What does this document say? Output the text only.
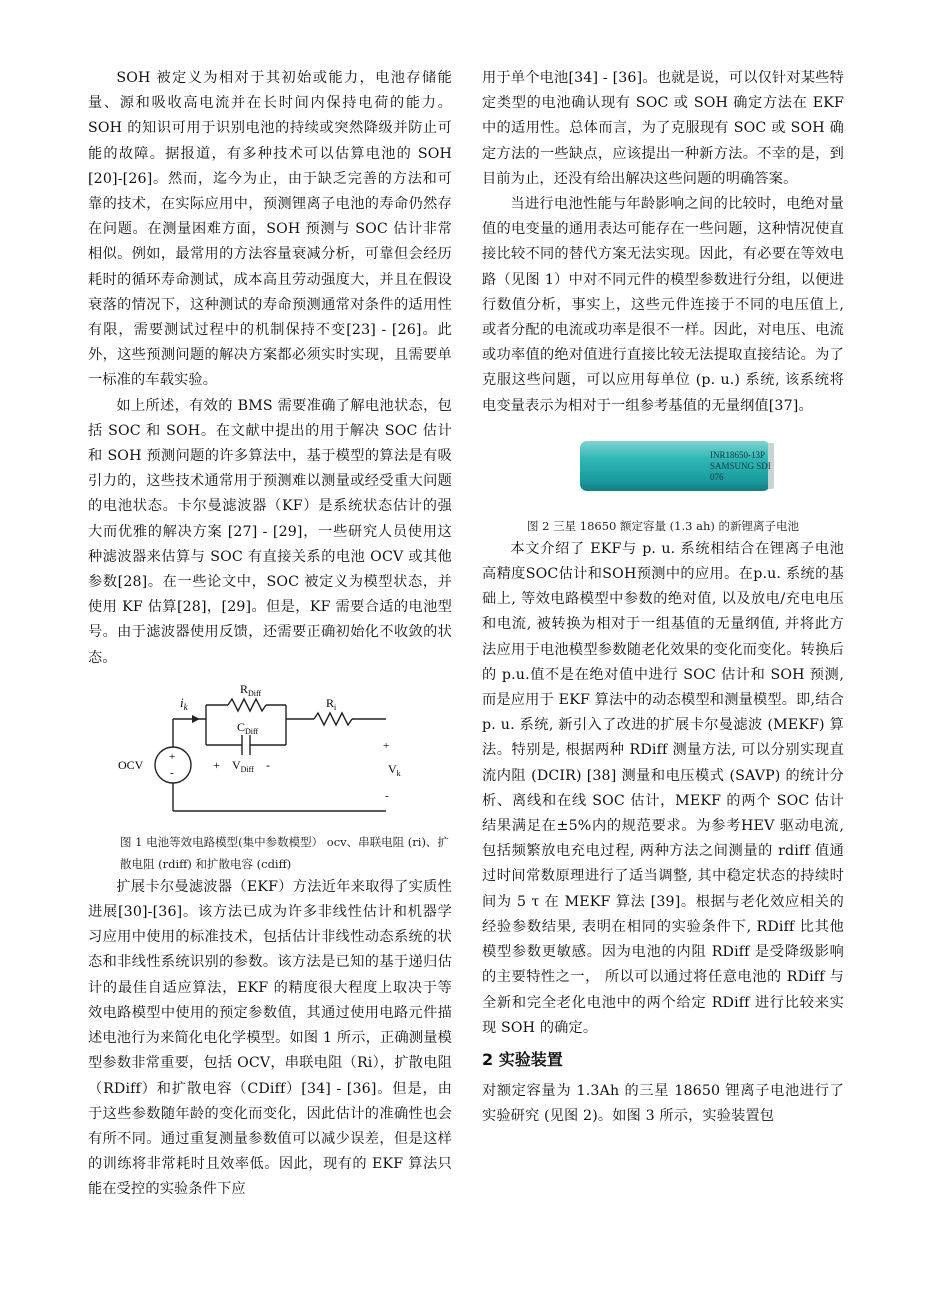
SOH 被定义为相对于其初始或能力，电池存储能量、源和吸收高电流并在长时间内保持电荷的能力。 SOH 的知识可用于识别电池的持续或突然降级并防止可能的故障。据报道，有多种技术可以估算电池的 SOH [20]-[26]。然而，迄今为止，由于缺乏完善的方法和可靠的技术，在实际应用中，预测锂离子电池的寿命仍然存在问题。在测量困难方面，SOH 预测与 SOC 估计非常相似。例如，最常用的方法容量衰减分析，可靠但会经历耗时的循环寿命测试，成本高且劳动强度大，并且在假设衰落的情况下，这种测试的寿命预测通常对条件的适用性有限，需要测试过程中的机制保持不变[23] - [26]。此外，这些预测问题的解决方案都必须实时实现，且需要单一标准的车载实验。

如上所述，有效的 BMS 需要准确了解电池状态，包括 SOC 和 SOH。在文献中提出的用于解决 SOC 估计和 SOH 预测问题的许多算法中，基于模型的算法是有吸引力的，这些技术通常用于预测难以测量或经受重大问题的电池状态。卡尔曼滤波器（KF）是系统状态估计的强大而优雅的解决方案 [27] - [29]，一些研究人员使用这种滤波器来估算与 SOC 有直接关系的电池 OCV 或其他参数[28]。在一些论文中，SOC 被定义为模型状态，并使用 KF 估算[28]，[29]。但是，KF 需要合适的电池型号。由于滤波器使用反馈，还需要正确初始化不收敛的状态。

$i_k$
$R_{Diff}$
$C_{Diff}$
$R_i$
+ $V_{Diff}$ -
+
-
OCV
+
$V_k$
-
图 1 电池等效电路模型(集中参数模型） ocv、串联电阻 (ri)、扩散电阻 (rdiff) 和扩散电容 (cdiff)

扩展卡尔曼滤波器（EKF）方法近年来取得了实质性进展[30]-[36]。该方法已成为许多非线性估计和机器学习应用中使用的标准技术，包括估计非线性动态系统的状态和非线性系统识别的参数。该方法是已知的基于递归估计的最佳自适应算法，EKF 的精度很大程度上取决于等效电路模型中使用的预定参数值，其通过使用电路元件描述电池行为来简化电化学模型。如图 1 所示，正确测量模型参数非常重要，包括 OCV，串联电阻（Ri），扩散电阻（RDiff）和扩散电容（CDiff）[34] - [36]。但是，由于这些参数随年龄的变化而变化，因此估计的准确性也会有所不同。通过重复测量参数值可以减少误差，但是这样的训练将非常耗时且效率低。因此，现有的 EKF 算法只能在受控的实验条件下应

用于单个电池[34] - [36]。也就是说，可以仅针对某些特定类型的电池确认现有 SOC 或 SOH 确定方法在 EKF 中的适用性。总体而言，为了克服现有 SOC 或 SOH 确定方法的一些缺点，应该提出一种新方法。不幸的是，到目前为止，还没有给出解决这些问题的明确答案。

当进行电池性能与年龄影响之间的比较时，电绝对量值的电变量的通用表达可能存在一些问题，这种情况使直接比较不同的替代方案无法实现。因此，有必要在等效电路（见图 1）中对不同元件的模型参数进行分组，以便进行数值分析，事实上，这些元件连接于不同的电压值上, 或者分配的电流或功率是很不一样。因此，对电压、电流或功率值的绝对值进行直接比较无法提取直接结论。为了克服这些问题，可以应用每单位 (p. u.) 系统, 该系统将电变量表示为相对于一组参考基值的无量纲值[37]。

INR18650-13P
SAMSUNG SDI
076
图 2 三星 18650 额定容量 (1.3 ah) 的新锂离子电池

本文介绍了 EKF与 p. u. 系统相结合在锂离子电池高精度SOC估计和SOH预测中的应用。在p.u. 系统的基础上, 等效电路模型中参数的绝对值, 以及放电/充电电压和电流, 被转换为相对于一组基值的无量纲值, 并将此方法应用于电池模型参数随老化效果的变化而变化。转换后的 p.u.值不是在绝对值中进行 SOC 估计和 SOH 预测, 而是应用于 EKF 算法中的动态模型和测量模型。即,结合 p. u. 系统, 新引入了改进的扩展卡尔曼滤波 (MEKF) 算法。特别是, 根据两种 RDiff 测量方法, 可以分别实现直流内阻 (DCIR) [38] 测量和电压模式 (SAVP) 的统计分析、离线和在线 SOC 估计，MEKF 的两个 SOC 估计结果满足在±5%内的规范要求。为参考HEV 驱动电流, 包括频繁放电充电过程, 两种方法之间测量的 rdiff 值通过时间常数原理进行了适当调整, 其中稳定状态的持续时间为 5 τ 在 MEKF 算法 [39]。根据与老化效应相关的经验参数结果, 表明在相同的实验条件下, RDiff 比其他模型参数更敏感。因为电池的内阻 RDiff 是受降级影响的主要特性之一， 所以可以通过将任意电池的 RDiff 与全新和完全老化电池中的两个给定 RDiff 进行比较来实现 SOH 的确定。

2 实验装置

对额定容量为 1.3Ah 的三星 18650 锂离子电池进行了实验研究 (见图 2)。如图 3 所示，实验装置包
